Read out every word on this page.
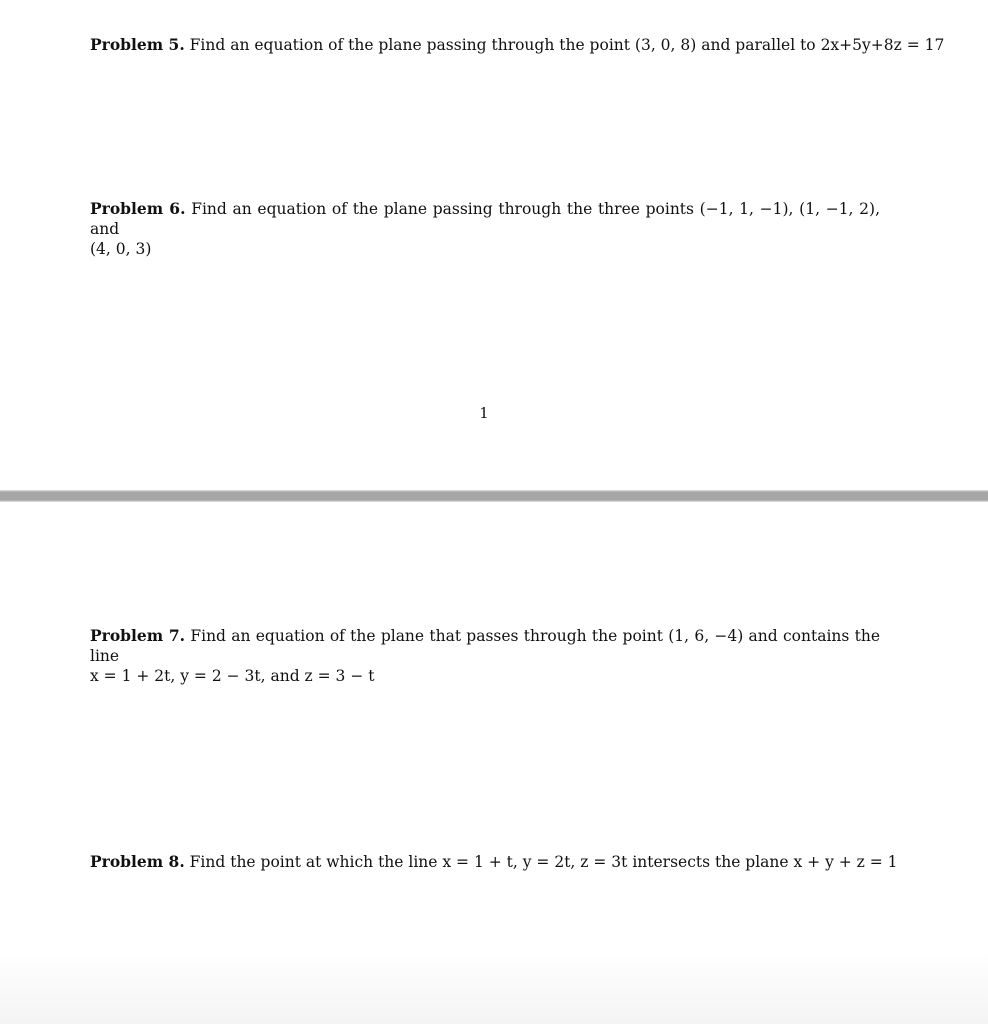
Problem 5. Find an equation of the plane passing through the point (3, 0, 8) and parallel to 2x+5y+8z = 17
Problem 6. Find an equation of the plane passing through the three points (−1, 1, −1), (1, −1, 2), and
(4, 0, 3)
1
Problem 7. Find an equation of the plane that passes through the point (1, 6, −4) and contains the line
x = 1 + 2t, y = 2 − 3t, and z = 3 − t
Problem 8. Find the point at which the line x = 1 + t, y = 2t, z = 3t intersects the plane x + y + z = 1
